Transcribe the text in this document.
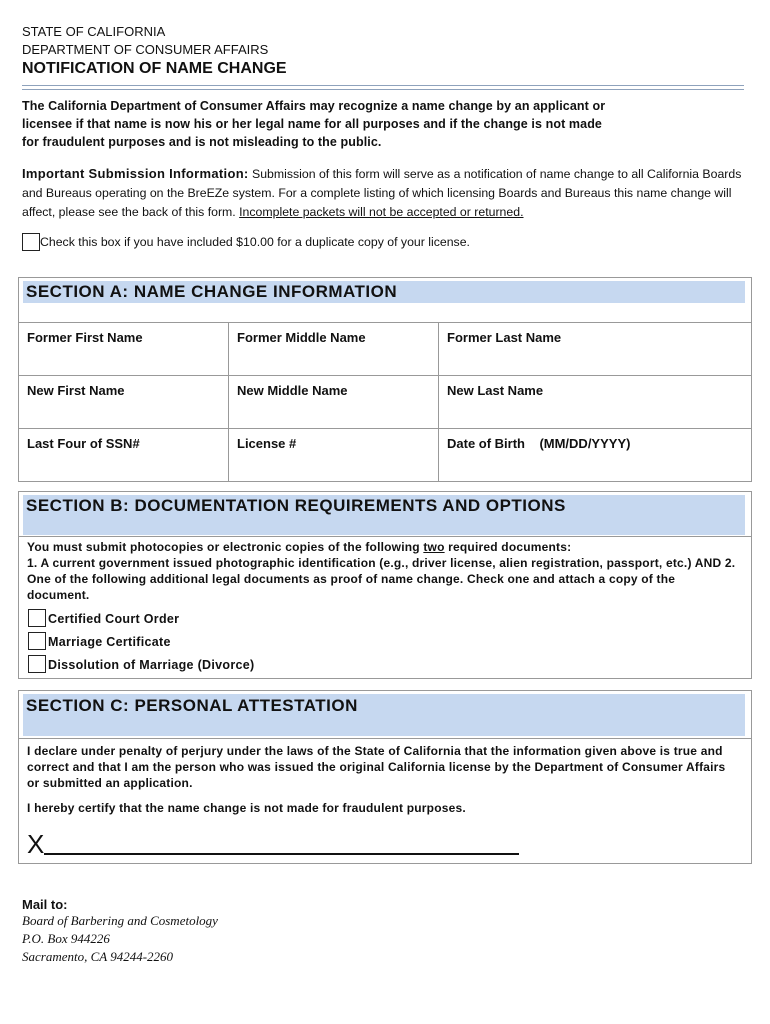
STATE OF CALIFORNIA
DEPARTMENT OF CONSUMER AFFAIRS
NOTIFICATION OF NAME CHANGE
The California Department of Consumer Affairs may recognize a name change by an applicant or licensee if that name is now his or her legal name for all purposes and if the change is not made for fraudulent purposes and is not misleading to the public.
Important Submission Information: Submission of this form will serve as a notification of name change to all California Boards and Bureaus operating on the BreEZe system. For a complete listing of which licensing Boards and Bureaus this name change will affect, please see the back of this form. Incomplete packets will not be accepted or returned.
Check this box if you have included $10.00 for a duplicate copy of your license.
SECTION A: NAME CHANGE INFORMATION
Former First Name	Former Middle Name	Former Last Name
New First Name	New Middle Name	New Last Name
Last Four of SSN#	License #	Date of Birth    (MM/DD/YYYY)
SECTION B: DOCUMENTATION REQUIREMENTS AND OPTIONS
You must submit photocopies or electronic copies of the following two required documents:
1. A current government issued photographic identification (e.g., driver license, alien registration, passport, etc.) AND 2. One of the following additional legal documents as proof of name change. Check one and attach a copy of the document.
Certified Court Order
Marriage Certificate
Dissolution of Marriage (Divorce)
SECTION C: PERSONAL ATTESTATION
I declare under penalty of perjury under the laws of the State of California that the information given above is true and correct and that I am the person who was issued the original California license by the Department of Consumer Affairs or submitted an application.
I hereby certify that the name change is not made for fraudulent purposes.
X
Mail to:
Board of Barbering and Cosmetology
P.O. Box 944226
Sacramento, CA 94244-2260
